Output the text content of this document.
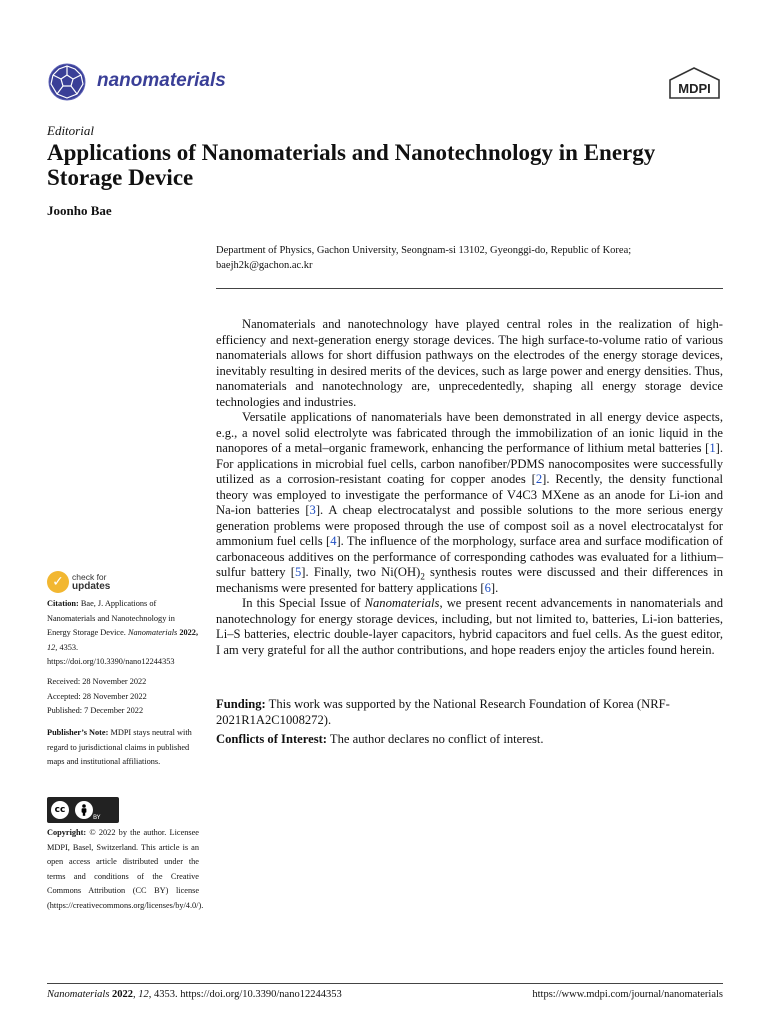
nanomaterials	MDPI
Editorial
Applications of Nanomaterials and Nanotechnology in Energy Storage Device
Joonho Bae
Department of Physics, Gachon University, Seongnam-si 13102, Gyeonggi-do, Republic of Korea;
baejh2k@gachon.ac.kr

Nanomaterials and nanotechnology have played central roles in the realization of high-efficiency and next-generation energy storage devices. The high surface-to-volume ratio of various nanomaterials allows for short diffusion pathways on the electrodes of the energy storage devices, inevitably resulting in desired merits of the devices, such as large power and energy densities. Thus, nanomaterials and nanotechnology are, unprecedentedly, shaping all energy storage device technologies and industries.

Versatile applications of nanomaterials have been demonstrated in all energy device aspects, e.g., a novel solid electrolyte was fabricated through the immobilization of an ionic liquid in the nanopores of a metal–organic framework, enhancing the performance of lithium metal batteries [1]. For applications in microbial fuel cells, carbon nanofiber/PDMS nanocomposites were successfully utilized as a corrosion-resistant coating for copper anodes [2]. Recently, the density functional theory was employed to investigate the performance of V4C3 MXene as an anode for Li-ion and Na-ion batteries [3]. A cheap electrocatalyst and possible solutions to the more serious energy generation problems were proposed through the use of compost soil as a novel electrocatalyst for ammonium fuel cells [4]. The influence of the morphology, surface area and surface modification of carbonaceous additives on the performance of corresponding cathodes was evaluated for a lithium–sulfur battery [5]. Finally, two $Ni(OH)_2$ synthesis routes were discussed and their differences in mechanisms were presented for battery applications [6].

In this Special Issue of Nanomaterials, we present recent advancements in nanomaterials and nanotechnology for energy storage devices, including, but not limited to, batteries, Li-ion batteries, Li–S batteries, electric double-layer capacitors, hybrid capacitors and fuel cells. As the guest editor, I am very grateful for all the author contributions, and hope readers enjoy the articles found herein.

Funding: This work was supported by the National Research Foundation of Korea (NRF-2021R1A2C1008272).
Conflicts of Interest: The author declares no conflict of interest.
✓ check for
updates
Citation: Bae, J. Applications of Nanomaterials and Nanotechnology in Energy Storage Device. Nanomaterials 2022, 12, 4353. https://doi.org/10.3390/nano12244353
Received: 28 November 2022
Accepted: 28 November 2022
Published: 7 December 2022
Publisher’s Note: MDPI stays neutral with regard to jurisdictional claims in published maps and institutional affiliations.
cc
BY
Copyright: © 2022 by the author. Licensee MDPI, Basel, Switzerland. This article is an open access article distributed under the terms and conditions of the Creative Commons Attribution (CC BY) license (https://creativecommons.org/licenses/by/4.0/).
Nanomaterials 2022, 12, 4353. https://doi.org/10.3390/nano12244353	https://www.mdpi.com/journal/nanomaterials
